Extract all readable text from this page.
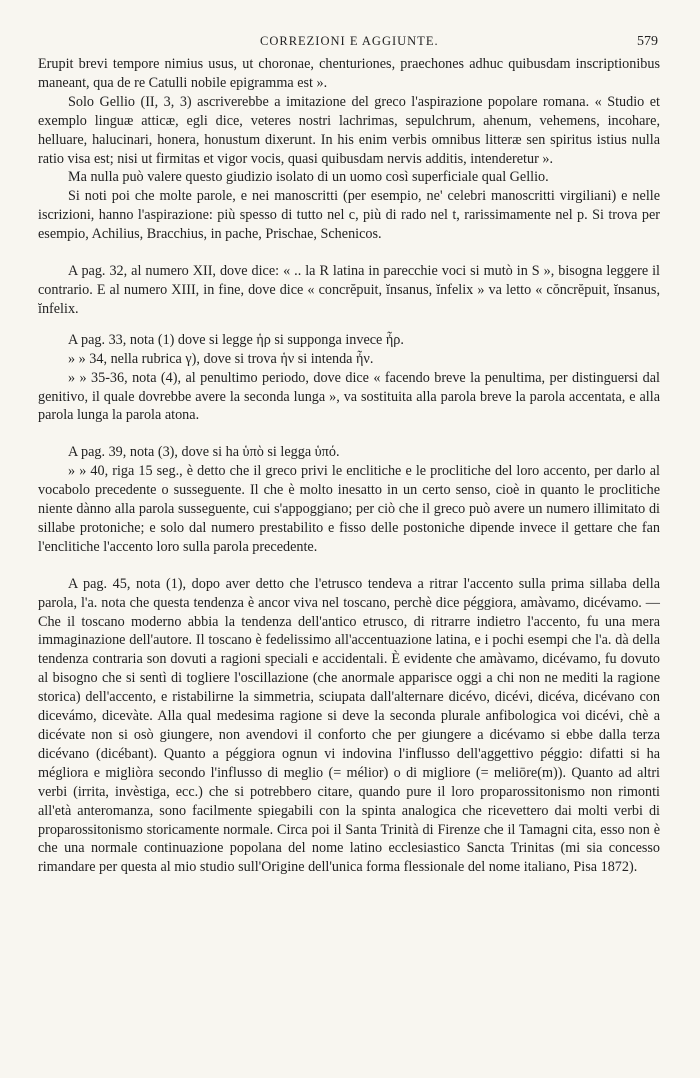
CORREZIONI E AGGIUNTE.	579

Erupit brevi tempore nimius usus, ut choronae, chenturiones, praechones adhuc quibusdam inscriptionibus maneant, qua de re Catulli nobile epigramma est ».

Solo Gellio (II, 3, 3) ascriverebbe a imitazione del greco l'aspirazione popolare romana. « Studio et exemplo linguæ atticæ, egli dice, veteres nostri lachrimas, sepulchrum, ahenum, vehemens, incohare, helluare, halucinari, honera, honustum dixerunt. In his enim verbis omnibus litteræ sen spiritus istius nulla ratio visa est; nisi ut firmitas et vigor vocis, quasi quibusdam nervis additis, intenderetur ».

Ma nulla può valere questo giudizio isolato di un uomo così superficiale qual Gellio.

Si noti poi che molte parole, e nei manoscritti (per esempio, ne' celebri manoscritti virgiliani) e nelle iscrizioni, hanno l'aspirazione: più spesso di tutto nel c, più di rado nel t, rarissimamente nel p. Si trova per esempio, Achilius, Bracchius, in pache, Prischae, Schenicos.

A pag. 32, al numero XII, dove dice: « .. la R latina in parecchie voci si mutò in S », bisogna leggere il contrario. E al numero XIII, in fine, dove dice « concrĕpuit, ĭnsanus, ĭnfelix » va letto « cŏncrĕpuit, ĭnsanus, ĭnfelix.

A pag. 33, nota (1) dove si legge ἡρ si supponga invece ἦρ.

» » 34, nella rubrica γ), dove si trova ἡν si intenda ἦν.

» » 35-36, nota (4), al penultimo periodo, dove dice « facendo breve la penultima, per distinguersi dal genitivo, il quale dovrebbe avere la seconda lunga », va sostituita alla parola breve la parola accentata, e alla parola lunga la parola atona.

A pag. 39, nota (3), dove si ha ὑπὸ si legga ὑπό.

» » 40, riga 15 seg., è detto che il greco privi le enclitiche e le proclitiche del loro accento, per darlo al vocabolo precedente o susseguente. Il che è molto inesatto in un certo senso, cioè in quanto le proclitiche niente dànno alla parola susseguente, cui s'appoggiano; per ciò che il greco può avere un numero illimitato di sillabe protoniche; e solo dal numero prestabilito e fisso delle postoniche dipende invece il gettare che fan l'enclitiche l'accento loro sulla parola precedente.

A pag. 45, nota (1), dopo aver detto che l'etrusco tendeva a ritrar l'accento sulla prima sillaba della parola, l'a. nota che questa tendenza è ancor viva nel toscano, perchè dice péggiora, amàvamo, dicévamo. — Che il toscano moderno abbia la tendenza dell'antico etrusco, di ritrarre indietro l'accento, fu una mera immaginazione dell'autore. Il toscano è fedelissimo all'accentuazione latina, e i pochi esempi che l'a. dà della tendenza contraria son dovuti a ragioni speciali e accidentali. È evidente che amàvamo, dicévamo, fu dovuto al bisogno che si sentì di togliere l'oscillazione (che anormale apparisce oggi a chi non ne mediti la ragione storica) dell'accento, e ristabilirne la simmetria, sciupata dall'alternare dicévo, dicévi, dicéva, dicévano con dicevámo, dicevàte. Alla qual medesima ragione si deve la seconda plurale anfibologica voi dicévi, chè a dicévate non si osò giungere, non avendovi il conforto che per giungere a dicévamo si ebbe dalla terza dicévano (dicébant). Quanto a péggiora ognun vi indovina l'influsso dell'aggettivo péggio: difatti si ha mégliora e migliòra secondo l'influsso di meglio (= mélior) o di migliore (= meliōre(m)). Quanto ad altri verbi (irrita, invèstiga, ecc.) che si potrebbero citare, quando pure il loro proparossitonismo non rimonti all'età anteromanza, sono facilmente spiegabili con la spinta analogica che ricevettero dai molti verbi di proparossitonismo storicamente normale. Circa poi il Santa Trinità di Firenze che il Tamagni cita, esso non è che una normale continuazione popolana del nome latino ecclesiastico Sancta Trinitas (mi sia concesso rimandare per questa al mio studio sull'Origine dell'unica forma flessionale del nome italiano, Pisa 1872).
